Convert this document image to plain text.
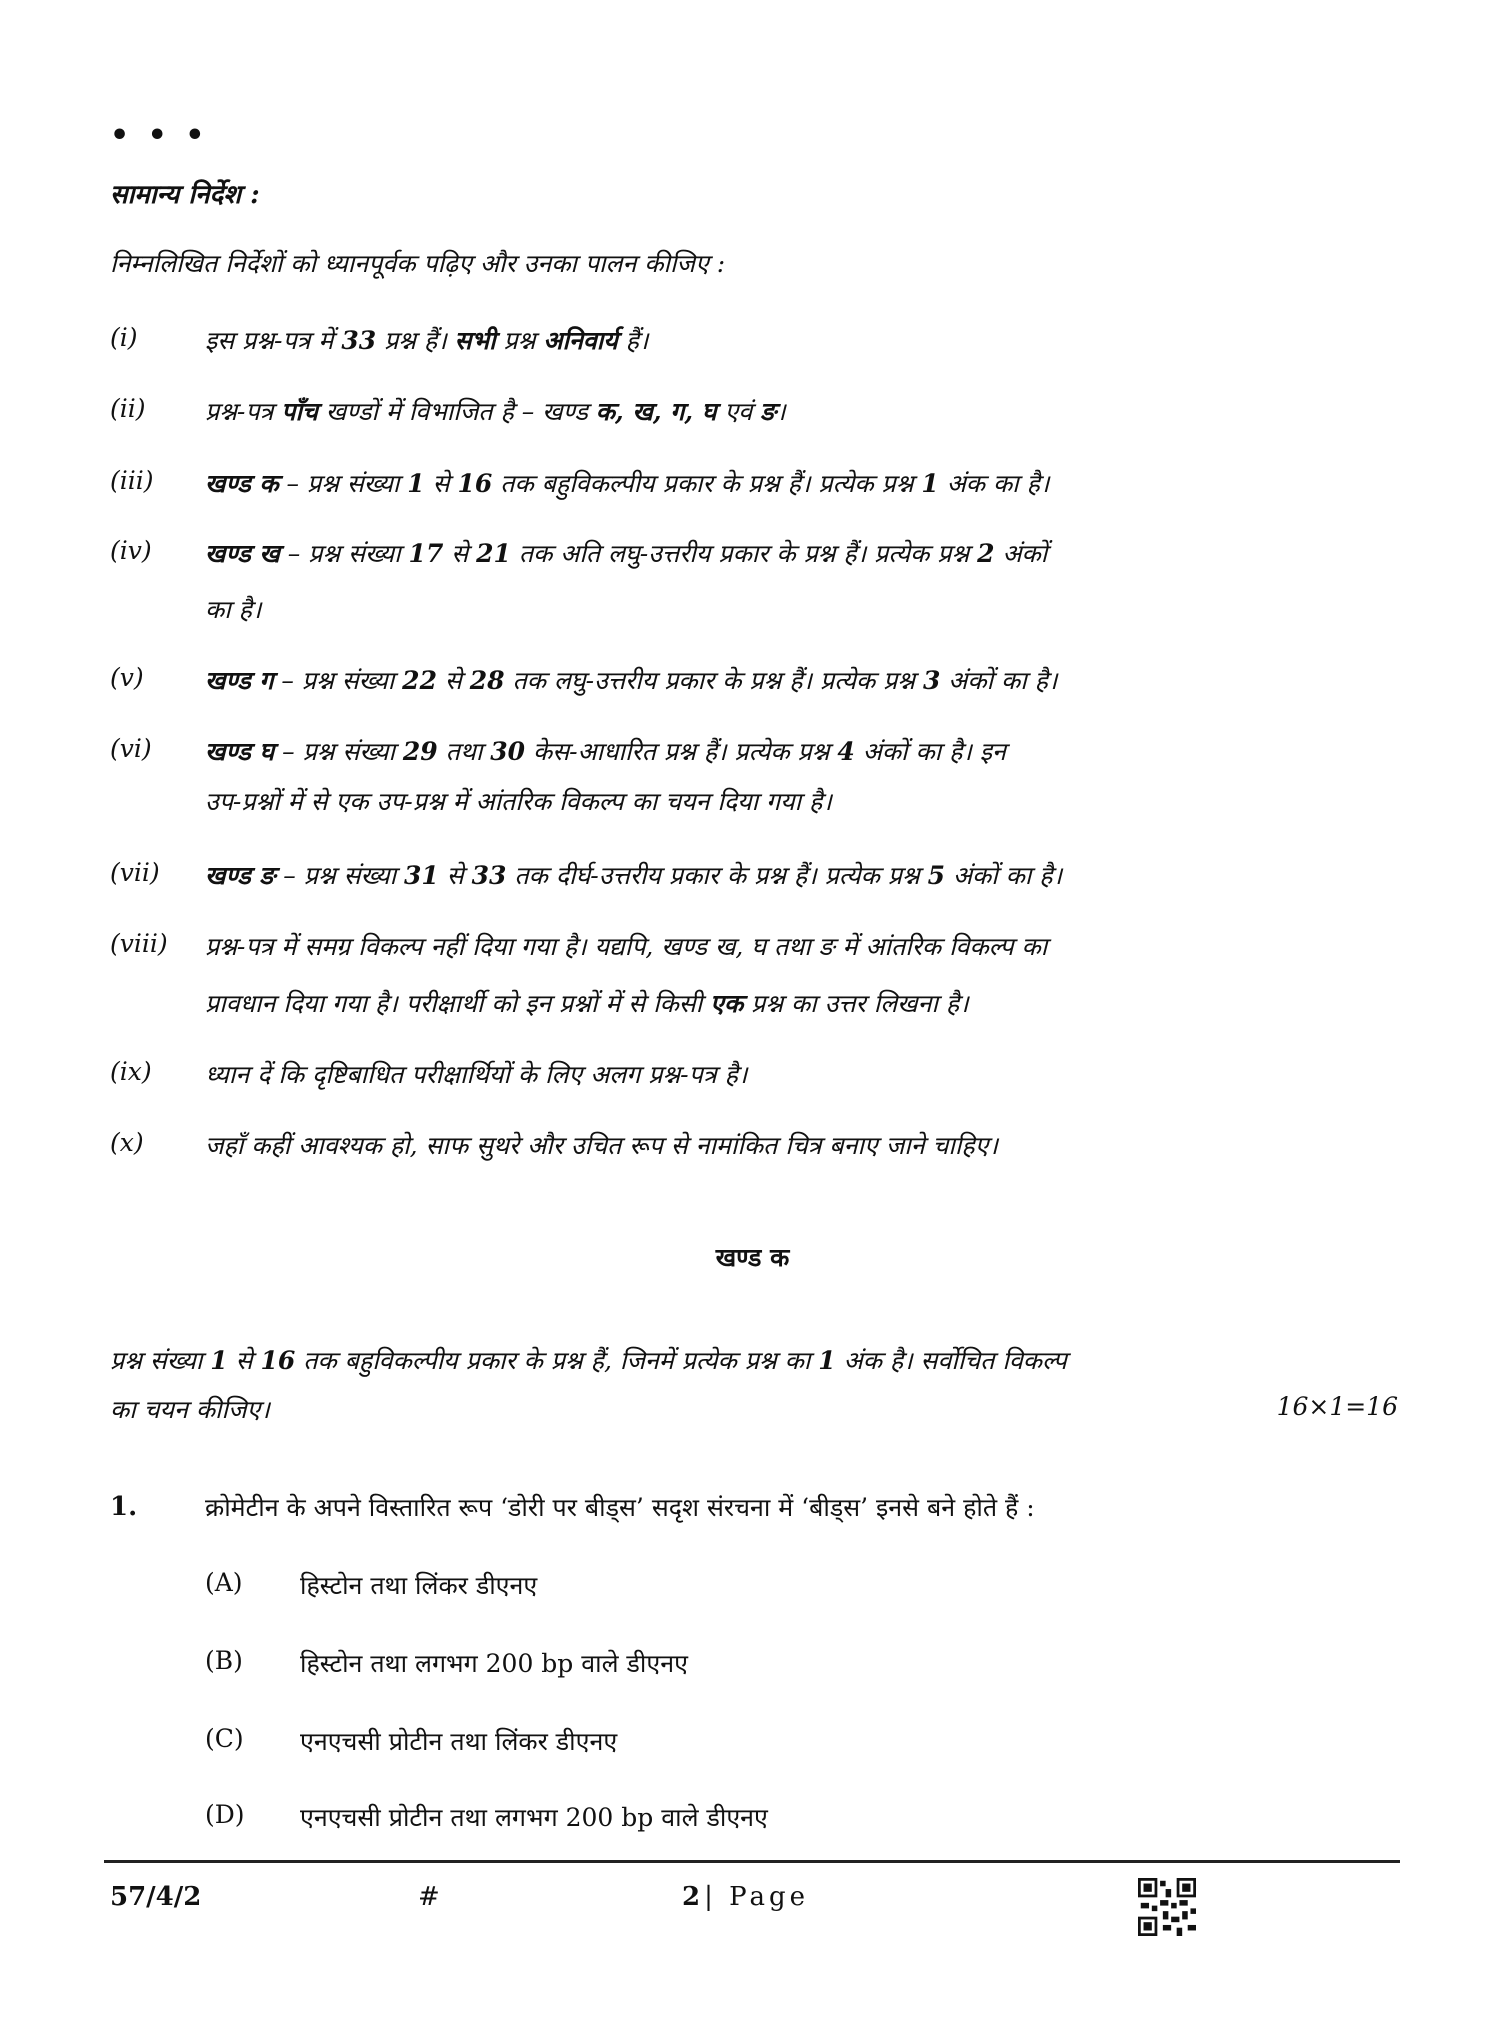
• • •
सामान्य निर्देश :
निम्नलिखित निर्देशों को ध्यानपूर्वक पढ़िए और उनका पालन कीजिए :
(i)	इस प्रश्न-पत्र में 33 प्रश्न हैं। सभी प्रश्न अनिवार्य हैं।
(ii) प्रश्न-पत्र पाँच खण्डों में विभाजित है – खण्ड क, ख, ग, घ एवं ङ।
(iii) खण्ड क – प्रश्न संख्या 1 से 16 तक बहुविकल्पीय प्रकार के प्रश्न हैं। प्रत्येक प्रश्न 1 अंक का है।
(iv) खण्ड ख – प्रश्न संख्या 17 से 21 तक अति लघु-उत्तरीय प्रकार के प्रश्न हैं। प्रत्येक प्रश्न 2 अंकों
का है।
(v) खण्ड ग – प्रश्न संख्या 22 से 28 तक लघु-उत्तरीय प्रकार के प्रश्न हैं। प्रत्येक प्रश्न 3 अंकों का है।
(vi) खण्ड घ – प्रश्न संख्या 29 तथा 30 केस-आधारित प्रश्न हैं। प्रत्येक प्रश्न 4 अंकों का है। इन
उप-प्रश्नों में से एक उप-प्रश्न में आंतरिक विकल्प का चयन दिया गया है।
(vii) खण्ड ङ – प्रश्न संख्या 31 से 33 तक दीर्घ-उत्तरीय प्रकार के प्रश्न हैं। प्रत्येक प्रश्न 5 अंकों का है।
(viii) प्रश्न-पत्र में समग्र विकल्प नहीं दिया गया है। यद्यपि, खण्ड ख, घ तथा ङ में आंतरिक विकल्प का
प्रावधान दिया गया है। परीक्षार्थी को इन प्रश्नों में से किसी एक प्रश्न का उत्तर लिखना है।
(ix) ध्यान दें कि दृष्टिबाधित परीक्षार्थियों के लिए अलग प्रश्न-पत्र है।
(x) जहाँ कहीं आवश्यक हो, साफ सुथरे और उचित रूप से नामांकित चित्र बनाए जाने चाहिए।
खण्ड क
प्रश्न संख्या 1 से 16 तक बहुविकल्पीय प्रकार के प्रश्न हैं, जिनमें प्रत्येक प्रश्न का 1 अंक है। सर्वोचित विकल्प
का चयन कीजिए।	16×1=16
1.	क्रोमेटीन के अपने विस्तारित रूप ‘डोरी पर बीड्स’ सदृश संरचना में ‘बीड्स’ इनसे बने होते हैं :
(A) हिस्टोन तथा लिंकर डीएनए
(B) हिस्टोन तथा लगभग 200 bp वाले डीएनए
(C) एनएचसी प्रोटीन तथा लिंकर डीएनए
(D) एनएचसी प्रोटीन तथा लगभग 200 bp वाले डीएनए
57/4/2	#	2| Page
